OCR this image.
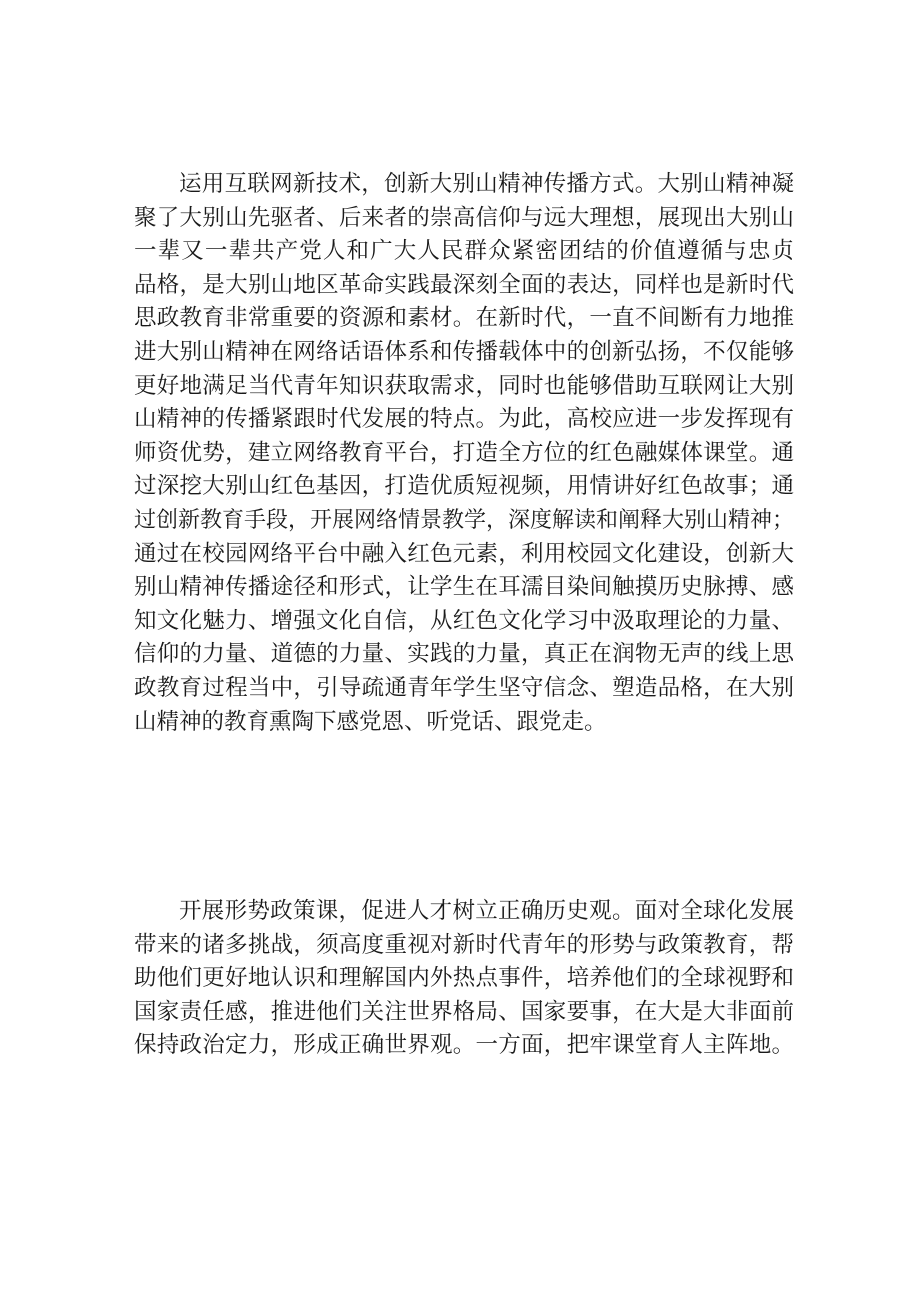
运用互联网新技术，创新大别山精神传播方式。大别山精神凝
聚了大别山先驱者、后来者的崇高信仰与远大理想，展现出大别山
一辈又一辈共产党人和广大人民群众紧密团结的价值遵循与忠贞
品格，是大别山地区革命实践最深刻全面的表达，同样也是新时代
思政教育非常重要的资源和素材。在新时代，一直不间断有力地推
进大别山精神在网络话语体系和传播载体中的创新弘扬，不仅能够
更好地满足当代青年知识获取需求，同时也能够借助互联网让大别
山精神的传播紧跟时代发展的特点。为此，高校应进一步发挥现有
师资优势，建立网络教育平台，打造全方位的红色融媒体课堂。通
过深挖大别山红色基因，打造优质短视频，用情讲好红色故事；通
过创新教育手段，开展网络情景教学，深度解读和阐释大别山精神；
通过在校园网络平台中融入红色元素，利用校园文化建设，创新大
别山精神传播途径和形式，让学生在耳濡目染间触摸历史脉搏、感
知文化魅力、增强文化自信，从红色文化学习中汲取理论的力量、
信仰的力量、道德的力量、实践的力量，真正在润物无声的线上思
政教育过程当中，引导疏通青年学生坚守信念、塑造品格，在大别
山精神的教育熏陶下感党恩、听党话、跟党走。
开展形势政策课，促进人才树立正确历史观。面对全球化发展
带来的诸多挑战，须高度重视对新时代青年的形势与政策教育，帮
助他们更好地认识和理解国内外热点事件，培养他们的全球视野和
国家责任感，推进他们关注世界格局、国家要事，在大是大非面前
保持政治定力，形成正确世界观。一方面，把牢课堂育人主阵地。
